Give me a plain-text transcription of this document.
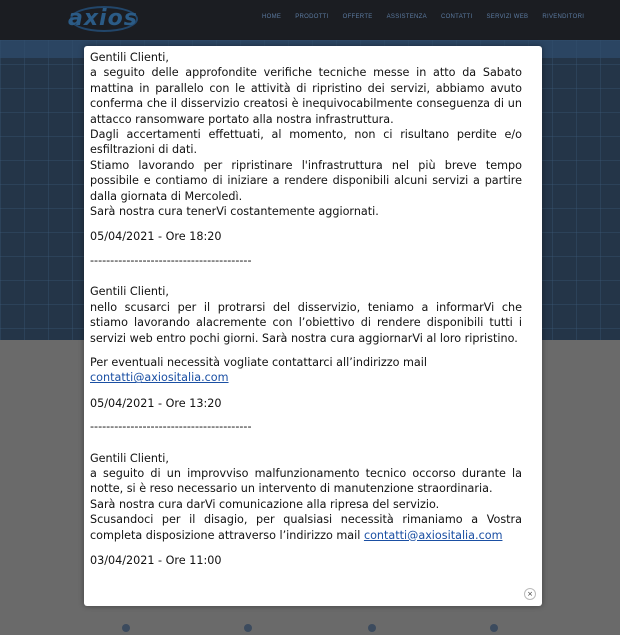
axios	HOME PRODOTTI OFFERTE ASSISTENZA CONTATTI SERVIZI WEB RIVENDITORI

Gentili Clienti,

a seguito delle approfondite verifiche tecniche messe in atto da Sabato mattina in parallelo con le attività di ripristino dei servizi, abbiamo avuto conferma che il disservizio creatosi è inequivocabilmente conseguenza di un attacco ransomware portato alla nostra infrastruttura.

Dagli accertamenti effettuati, al momento, non ci risultano perdite e/o esfiltrazioni di dati.

Stiamo lavorando per ripristinare l'infrastruttura nel più breve tempo possibile e contiamo di iniziare a rendere disponibili alcuni servizi a partire dalla giornata di Mercoledì.

Sarà nostra cura tenerVi costantemente aggiornati.

05/04/2021 - Ore 18:20

----------------------------------------

Gentili Clienti,

nello scusarci per il protrarsi del disservizio, teniamo a informarVi che stiamo lavorando alacremente con l’obiettivo di rendere disponibili tutti i servizi web entro pochi giorni. Sarà nostra cura aggiornarVi al loro ripristino.

Per eventuali necessità vogliate contattarci all’indirizzo mail

contatti@axiositalia.com

05/04/2021 - Ore 13:20

----------------------------------------

Gentili Clienti,

a seguito di un improvviso malfunzionamento tecnico occorso durante la notte, si è reso necessario un intervento di manutenzione straordinaria.

Sarà nostra cura darVi comunicazione alla ripresa del servizio.

Scusandoci per il disagio, per qualsiasi necessità rimaniamo a Vostra completa disposizione attraverso l’indirizzo mail contatti@axiositalia.com

03/04/2021 - Ore 11:00

×
